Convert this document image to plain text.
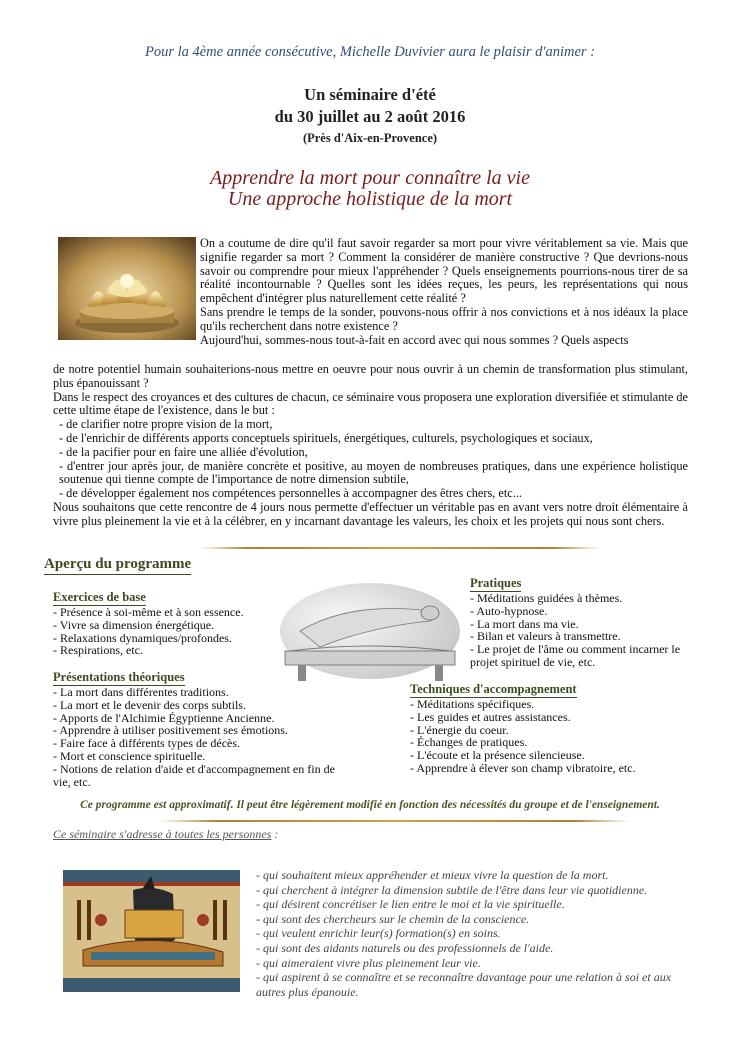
Pour la 4ème année consécutive, Michelle Duvivier aura le plaisir d'animer :
Un séminaire d'été
du 30 juillet au 2 août 2016
(Près d'Aix-en-Provence)
Apprendre la mort pour connaître la vie
Une approche holistique de la mort

On a coutume de dire qu'il faut savoir regarder sa mort pour vivre véritablement sa vie. Mais que signifie regarder sa mort ? Comment la considérer de manière constructive ? Que devrions-nous savoir ou comprendre pour mieux l'appréhender ? Quels enseignements pourrions-nous tirer de sa réalité incontournable ? Quelles sont les idées reçues, les peurs, les représentations qui nous empêchent d'intégrer plus naturellement cette réalité ?

Sans prendre le temps de la sonder, pouvons-nous offrir à nos convictions et à nos idéaux la place qu'ils recherchent dans notre existence ?

Aujourd'hui, sommes-nous tout-à-fait en accord avec qui nous sommes ? Quels aspects

de notre potentiel humain souhaiterions-nous mettre en oeuvre pour nous ouvrir à un chemin de transformation plus stimulant, plus épanouissant ?

Dans le respect des croyances et des cultures de chacun, ce séminaire vous proposera une exploration diversifiée et stimulante de cette ultime étape de l'existence, dans le but :

- de clarifier notre propre vision de la mort,

- de l'enrichir de différents apports conceptuels spirituels, énergétiques, culturels, psychologiques et sociaux,

- de la pacifier pour en faire une alliée d'évolution,

- d'entrer jour après jour, de manière concrète et positive, au moyen de nombreuses pratiques, dans une expérience holistique soutenue qui tienne compte de l'importance de notre dimension subtile,

- de développer également nos compétences personnelles à accompagner des êtres chers, etc...

Nous souhaitons que cette rencontre de 4 jours nous permette d'effectuer un véritable pas en avant vers notre droit élémentaire à vivre plus pleinement la vie et à la célébrer, en y incarnant davantage les valeurs, les choix et les projets qui nous sont chers.

Aperçu du programme
Exercices de base
- Présence à soi-même et à son essence.
- Vivre sa dimension énergétique.
- Relaxations dynamiques/profondes.
- Respirations, etc.
Présentations théoriques
- La mort dans différentes traditions.
- La mort et le devenir des corps subtils.
- Apports de l'Alchimie Égyptienne Ancienne.
- Apprendre à utiliser positivement ses émotions.
- Faire face à différents types de décès.
- Mort et conscience spirituelle.
- Notions de relation d'aide et d'accompagnement en fin de vie, etc.
Pratiques
- Méditations guidées à thèmes.
- Auto-hypnose.
- La mort dans ma vie.
- Bilan et valeurs à transmettre.
- Le projet de l'âme ou comment incarner le projet spirituel de vie, etc.
Techniques d'accompagnement
- Méditations spécifiques.
- Les guides et autres assistances.
- L'énergie du coeur.
- Échanges de pratiques.
- L'écoute et la présence silencieuse.
- Apprendre à élever son champ vibratoire, etc.
Ce programme est approximatif. Il peut être légèrement modifié en fonction des nécessités du groupe et de l'enseignement.
Ce séminaire s'adresse à toutes les personnes :
- qui souhaitent mieux appréhender et mieux vivre la question de la mort.
- qui cherchent à intégrer la dimension subtile de l'être dans leur vie quotidienne.
- qui désirent concrétiser le lien entre le moi et la vie spirituelle.
- qui sont des chercheurs sur le chemin de la conscience.
- qui veulent enrichir leur(s) formation(s) en soins.
- qui sont des aidants naturels ou des professionnels de l'aide.
- qui aimeraient vivre plus pleinement leur vie.
- qui aspirent à se connaître et se reconnaître davantage pour une relation à soi et aux autres plus épanouie.
